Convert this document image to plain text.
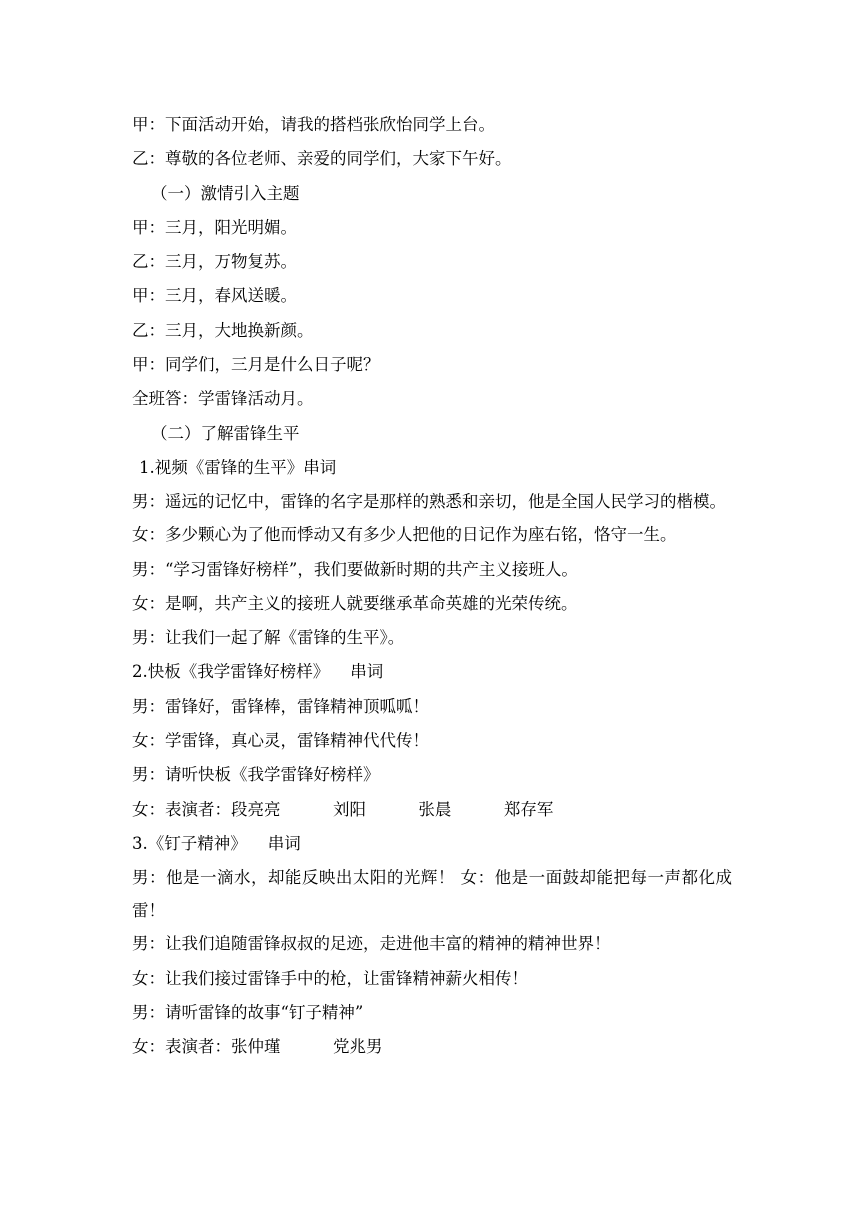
甲：下面活动开始，请我的搭档张欣怡同学上台。

乙：尊敬的各位老师、亲爱的同学们，大家下午好。

（一）激情引入主题

甲：三月，阳光明媚。

乙：三月，万物复苏。

甲：三月，春风送暖。

乙：三月，大地换新颜。

甲：同学们，三月是什么日子呢？

全班答：学雷锋活动月。

（二）了解雷锋生平

1.视频《雷锋的生平》串词

男：遥远的记忆中，雷锋的名字是那样的熟悉和亲切，他是全国人民学习的楷模。

女：多少颗心为了他而悸动又有多少人把他的日记作为座右铭，恪守一生。

男：“学习雷锋好榜样”，我们要做新时期的共产主义接班人。

女：是啊，共产主义的接班人就要继承革命英雄的光荣传统。

男：让我们一起了解《雷锋的生平》。

2.快板《我学雷锋好榜样》    串词

男：雷锋好，雷锋棒，雷锋精神顶呱呱！

女：学雷锋，真心灵，雷锋精神代代传！

男：请听快板《我学雷锋好榜样》

女：表演者：段亮亮          刘阳          张晨          郑存军

3.《钉子精神》    串词

男：他是一滴水，却能反映出太阳的光辉！ 女：他是一面鼓却能把每一声都化成雷！

男：让我们追随雷锋叔叔的足迹，走进他丰富的精神的精神世界！

女：让我们接过雷锋手中的枪，让雷锋精神薪火相传！

男：请听雷锋的故事“钉子精神”

女：表演者：张仲瑾          党兆男
